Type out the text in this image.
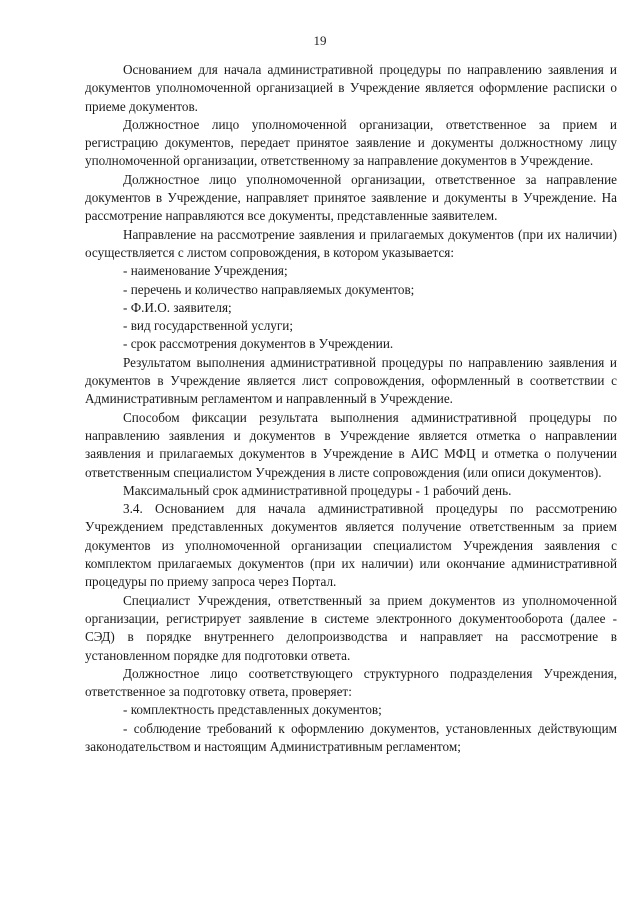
19

Основанием для начала административной процедуры по направлению заявления и документов уполномоченной организацией в Учреждение является оформление расписки о приеме документов.

Должностное лицо уполномоченной организации, ответственное за прием и регистрацию документов, передает принятое заявление и документы должностному лицу уполномоченной организации, ответственному за направление документов в Учреждение.

Должностное лицо уполномоченной организации, ответственное за направление документов в Учреждение, направляет принятое заявление и документы в Учреждение. На рассмотрение направляются все документы, представленные заявителем.

Направление на рассмотрение заявления и прилагаемых документов (при их наличии) осуществляется с листом сопровождения, в котором указывается:

- наименование Учреждения;

- перечень и количество направляемых документов;

- Ф.И.О. заявителя;

- вид государственной услуги;

- срок рассмотрения документов в Учреждении.

Результатом выполнения административной процедуры по направлению заявления и документов в Учреждение является лист сопровождения, оформленный в соответствии с Административным регламентом и направленный в Учреждение.

Способом фиксации результата выполнения административной процедуры по направлению заявления и документов в Учреждение является отметка о направлении заявления и прилагаемых документов в Учреждение в АИС МФЦ и отметка о получении ответственным специалистом Учреждения в листе сопровождения (или описи документов).

Максимальный срок административной процедуры - 1 рабочий день.

3.4. Основанием для начала административной процедуры по рассмотрению Учреждением представленных документов является получение ответственным за прием документов из уполномоченной организации специалистом Учреждения заявления с комплектом прилагаемых документов (при их наличии) или окончание административной процедуры по приему запроса через Портал.

Специалист Учреждения, ответственный за прием документов из уполномоченной организации, регистрирует заявление в системе электронного документооборота (далее - СЭД) в порядке внутреннего делопроизводства и направляет на рассмотрение в установленном порядке для подготовки ответа.

Должностное лицо соответствующего структурного подразделения Учреждения, ответственное за подготовку ответа, проверяет:

- комплектность представленных документов;

- соблюдение требований к оформлению документов, установленных действующим законодательством и настоящим Административным регламентом;
